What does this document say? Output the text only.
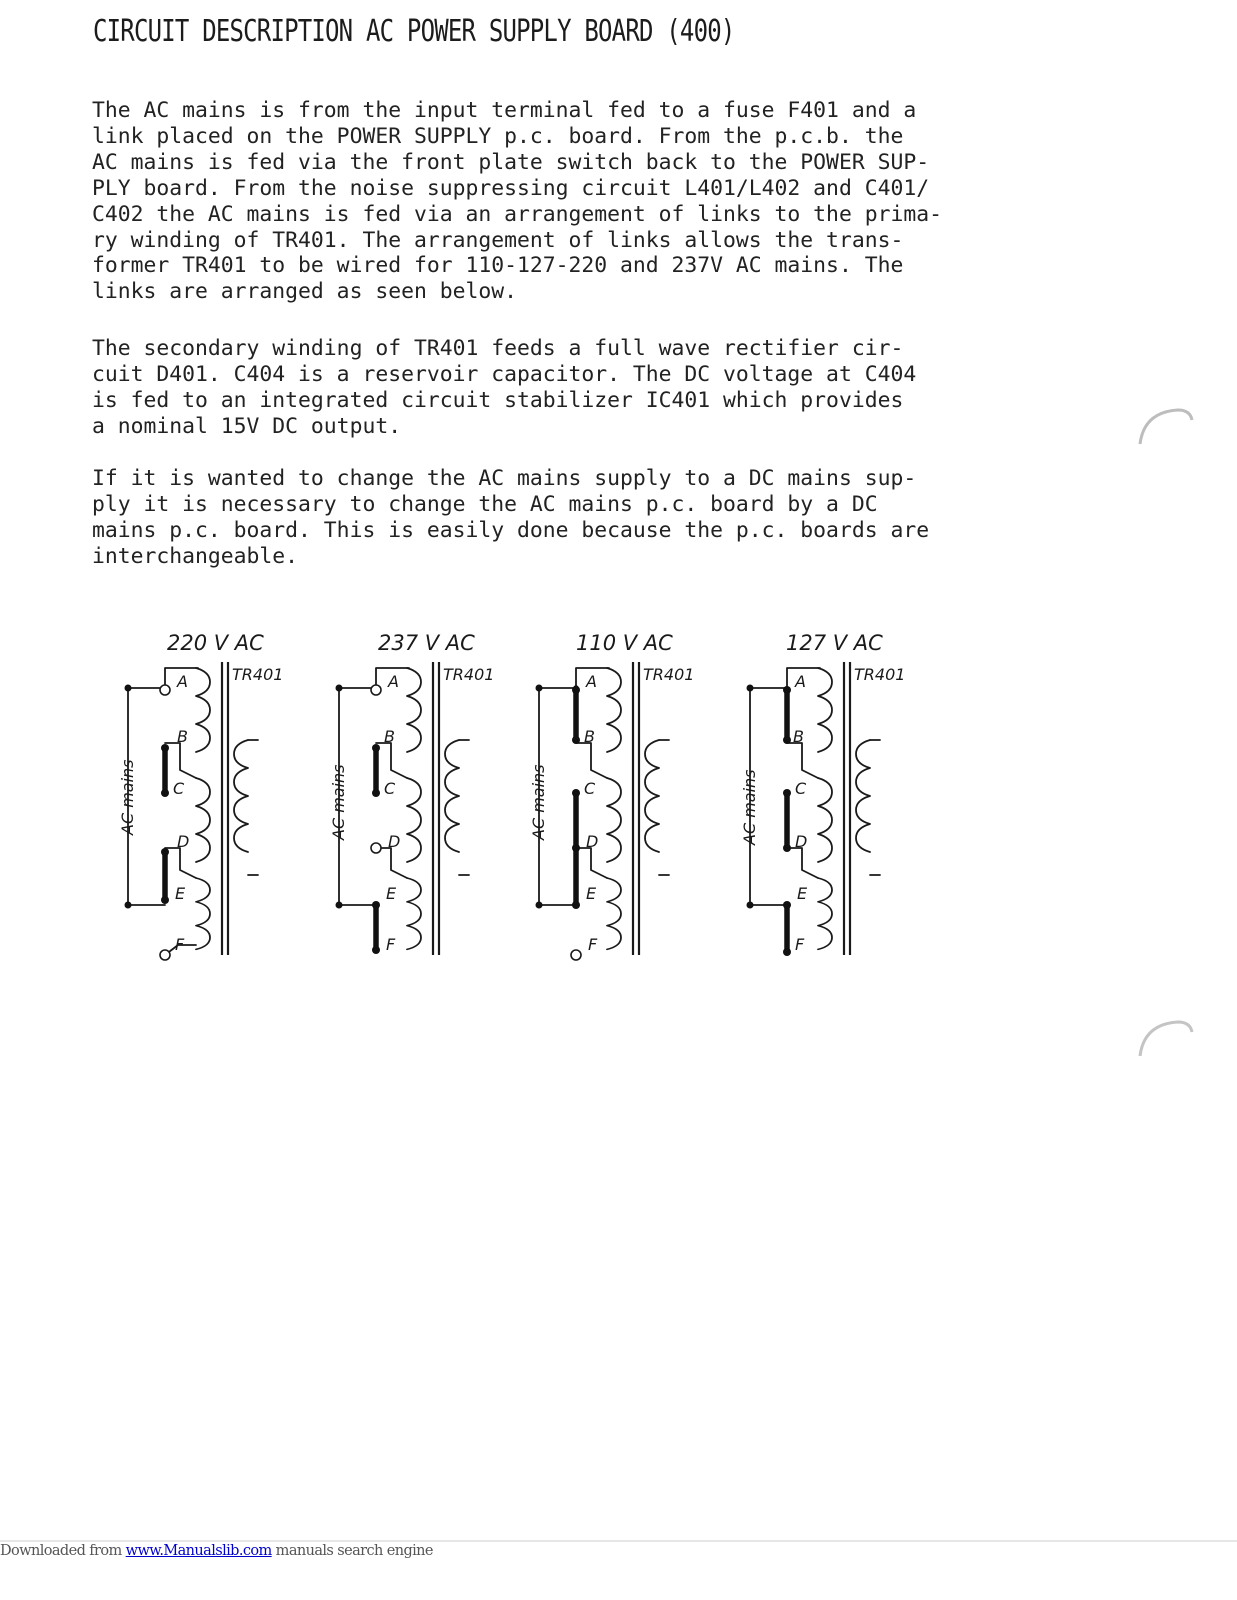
CIRCUIT DESCRIPTION AC POWER SUPPLY BOARD (400)

The AC mains is from the input terminal fed to a fuse F401 and a
link placed on the POWER SUPPLY p.c. board. From the p.c.b. the
AC mains is fed via the front plate switch back to the POWER SUP-
PLY board. From the noise suppressing circuit L401/L402 and C401/
C402 the AC mains is fed via an arrangement of links to the prima-
ry winding of TR401. The arrangement of links allows the trans-
former TR401 to be wired for 110-127-220 and 237V AC mains. The
links are arranged as seen below.

The secondary winding of TR401 feeds a full wave rectifier cir-
cuit D401. C404 is a reservoir capacitor. The DC voltage at C404
is fed to an integrated circuit stabilizer IC401 which provides
a nominal 15V DC output.

If it is wanted to change the AC mains supply to a DC mains sup-
ply it is necessary to change the AC mains p.c. board by a DC
mains p.c. board. This is easily done because the p.c. boards are
interchangeable.

220 V AC
TR401
AC mains
A
B
C
D
E
F
237 V AC
TR401
AC mains
A
B
C
D
E
F
110 V AC
TR401
AC mains
A
B
C
D
E
F
127 V AC
TR401
AC mains
A
B
C
D
E
F
Downloaded from www.Manualslib.com manuals search engine
